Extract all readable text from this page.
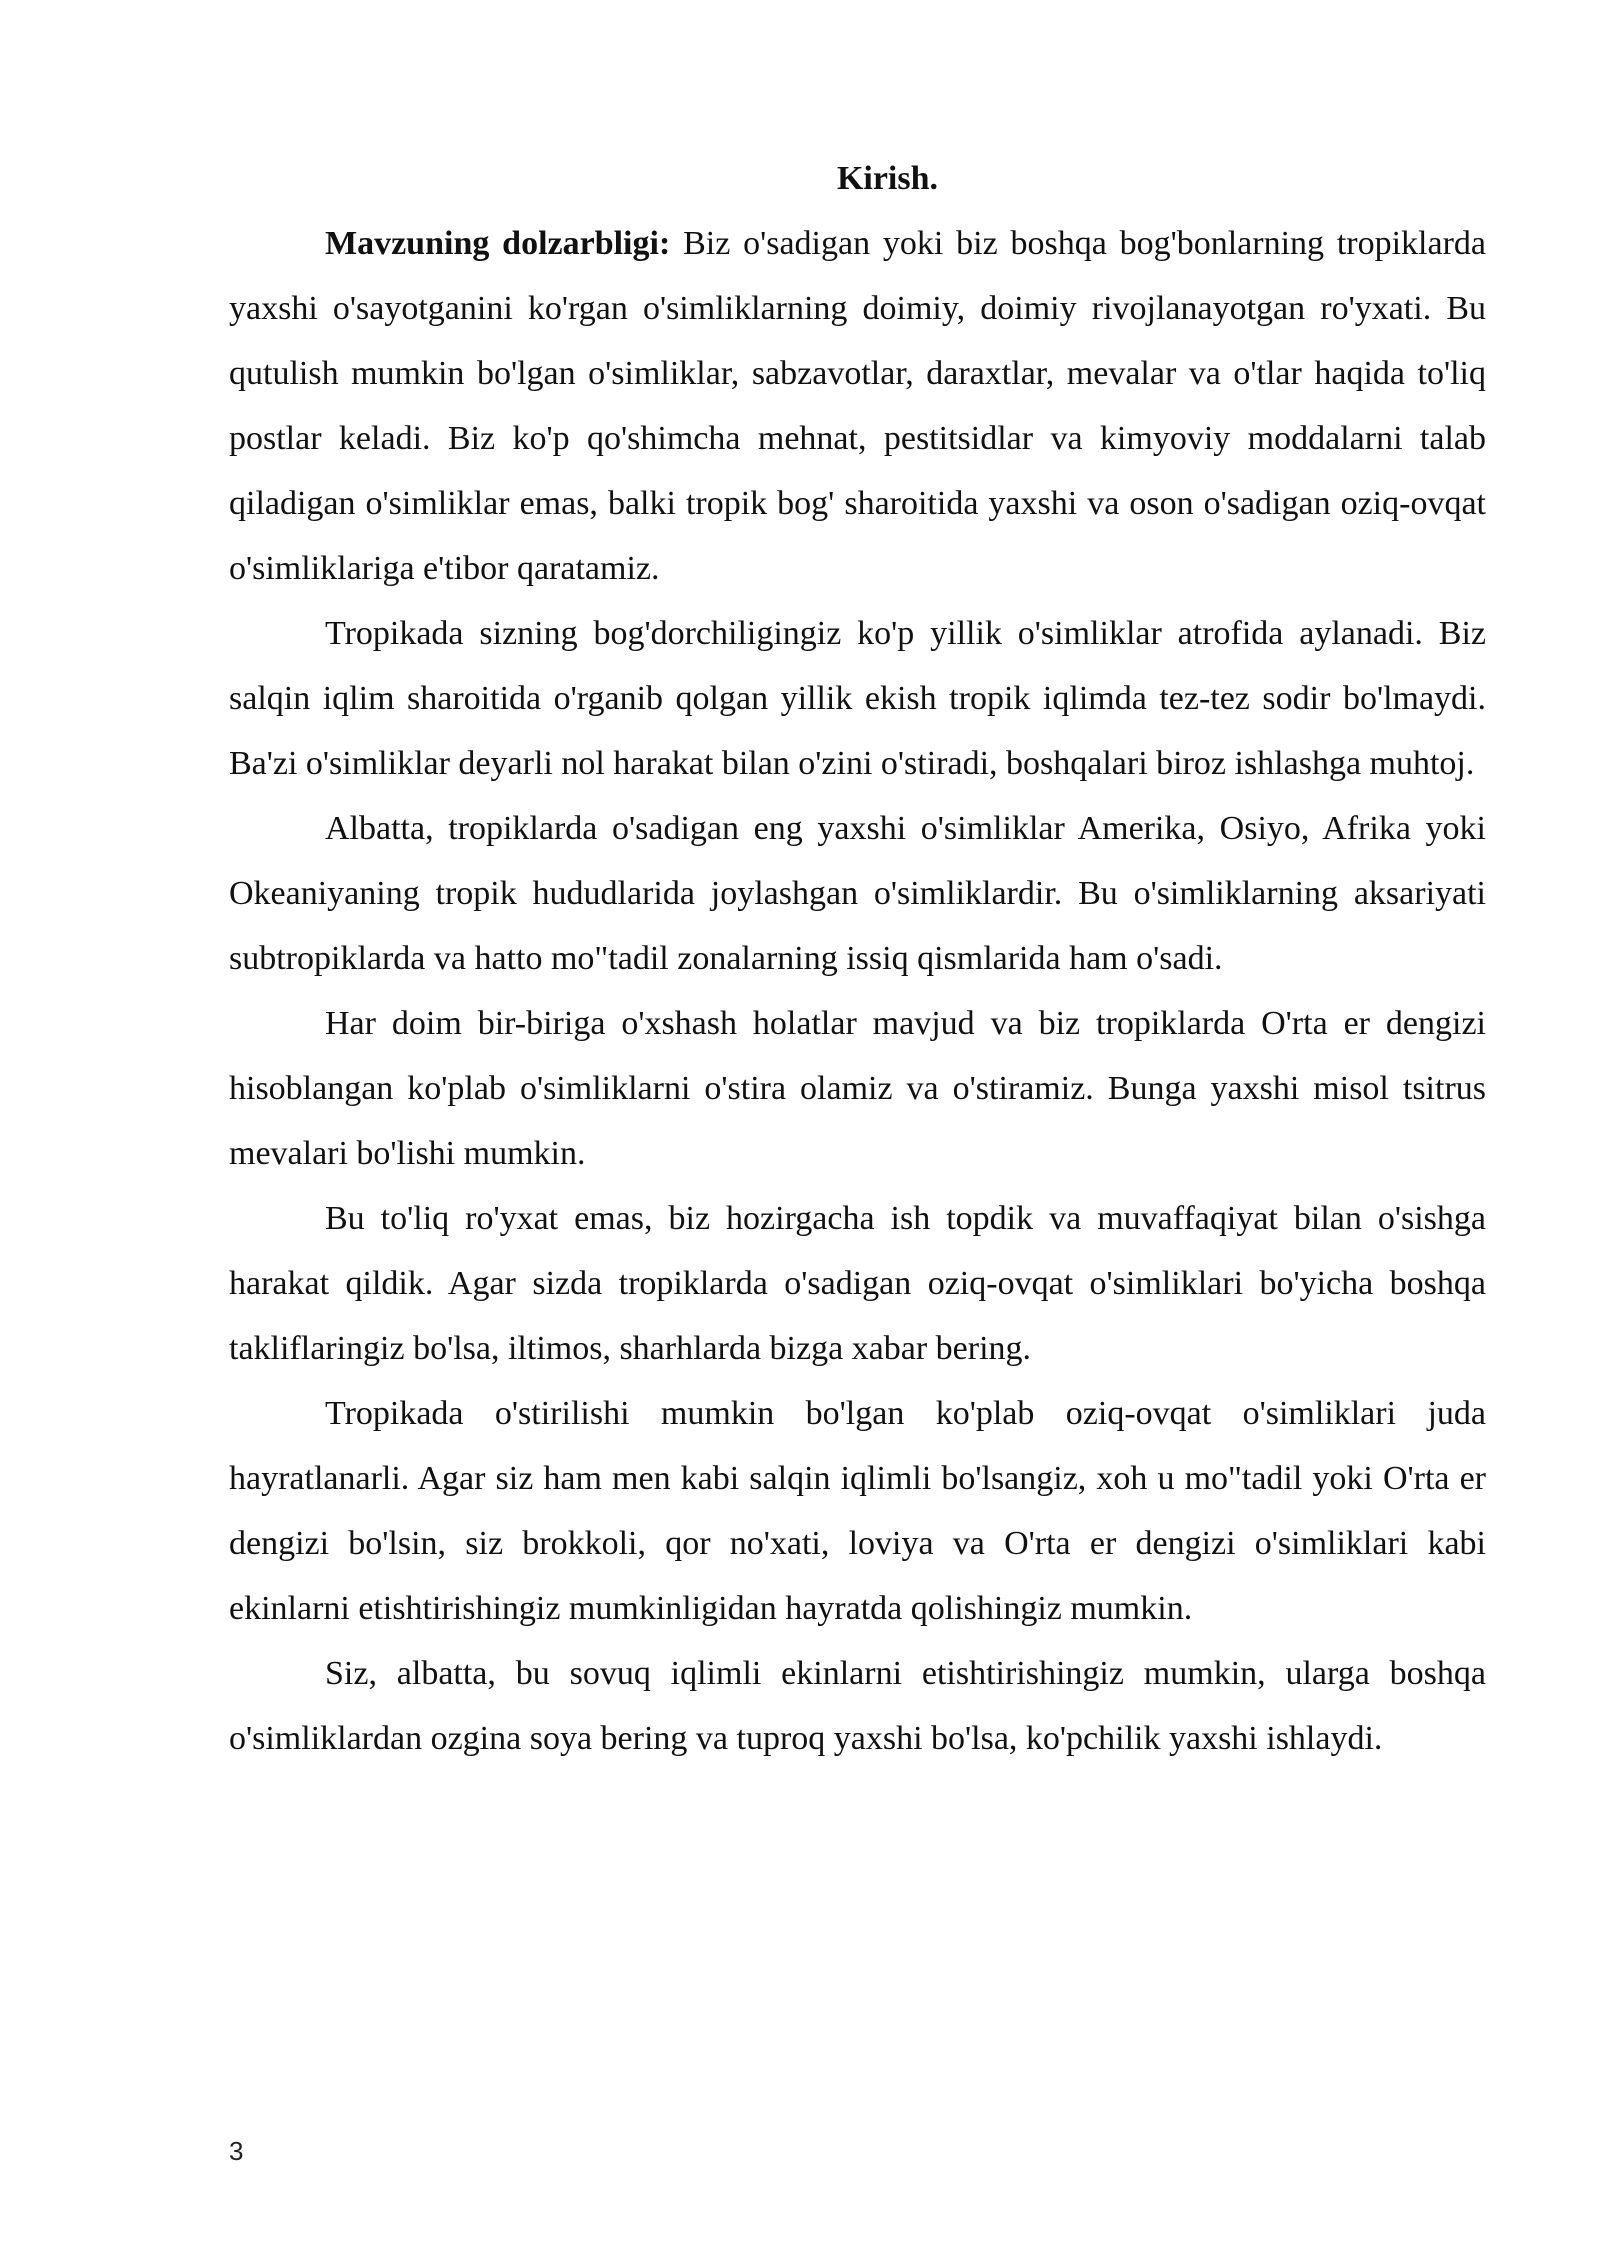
Kirish.

Mavzuning dolzarbligi: Biz o'sadigan yoki biz boshqa bog'bonlarning tropiklarda yaxshi o'sayotganini ko'rgan o'simliklarning doimiy, doimiy rivojlanayotgan ro'yxati. Bu qutulish mumkin bo'lgan o'simliklar, sabzavotlar, daraxtlar, mevalar va o'tlar haqida to'liq postlar keladi. Biz ko'p qo'shimcha mehnat, pestitsidlar va kimyoviy moddalarni talab qiladigan o'simliklar emas, balki tropik bog' sharoitida yaxshi va oson o'sadigan oziq-ovqat o'simliklariga e'tibor qaratamiz.

Tropikada sizning bog'dorchiligingiz ko'p yillik o'simliklar atrofida aylanadi. Biz salqin iqlim sharoitida o'rganib qolgan yillik ekish tropik iqlimda tez-tez sodir bo'lmaydi. Ba'zi o'simliklar deyarli nol harakat bilan o'zini o'stiradi, boshqalari biroz ishlashga muhtoj.

Albatta, tropiklarda o'sadigan eng yaxshi o'simliklar Amerika, Osiyo, Afrika yoki Okeaniyaning tropik hududlarida joylashgan o'simliklardir. Bu o'simliklarning aksariyati subtropiklarda va hatto mo"tadil zonalarning issiq qismlarida ham o'sadi.

Har doim bir-biriga o'xshash holatlar mavjud va biz tropiklarda O'rta er dengizi hisoblangan ko'plab o'simliklarni o'stira olamiz va o'stiramiz. Bunga yaxshi misol tsitrus mevalari bo'lishi mumkin.

Bu to'liq ro'yxat emas, biz hozirgacha ish topdik va muvaffaqiyat bilan o'sishga harakat qildik. Agar sizda tropiklarda o'sadigan oziq-ovqat o'simliklari bo'yicha boshqa takliflaringiz bo'lsa, iltimos, sharhlarda bizga xabar bering.

Tropikada o'stirilishi mumkin bo'lgan ko'plab oziq-ovqat o'simliklari juda hayratlanarli. Agar siz ham men kabi salqin iqlimli bo'lsangiz, xoh u mo"tadil yoki O'rta er dengizi bo'lsin, siz brokkoli, qor no'xati, loviya va O'rta er dengizi o'simliklari kabi ekinlarni etishtirishingiz mumkinligidan hayratda qolishingiz mumkin.

Siz, albatta, bu sovuq iqlimli ekinlarni etishtirishingiz mumkin, ularga boshqa o'simliklardan ozgina soya bering va tuproq yaxshi bo'lsa, ko'pchilik yaxshi ishlaydi.

3
